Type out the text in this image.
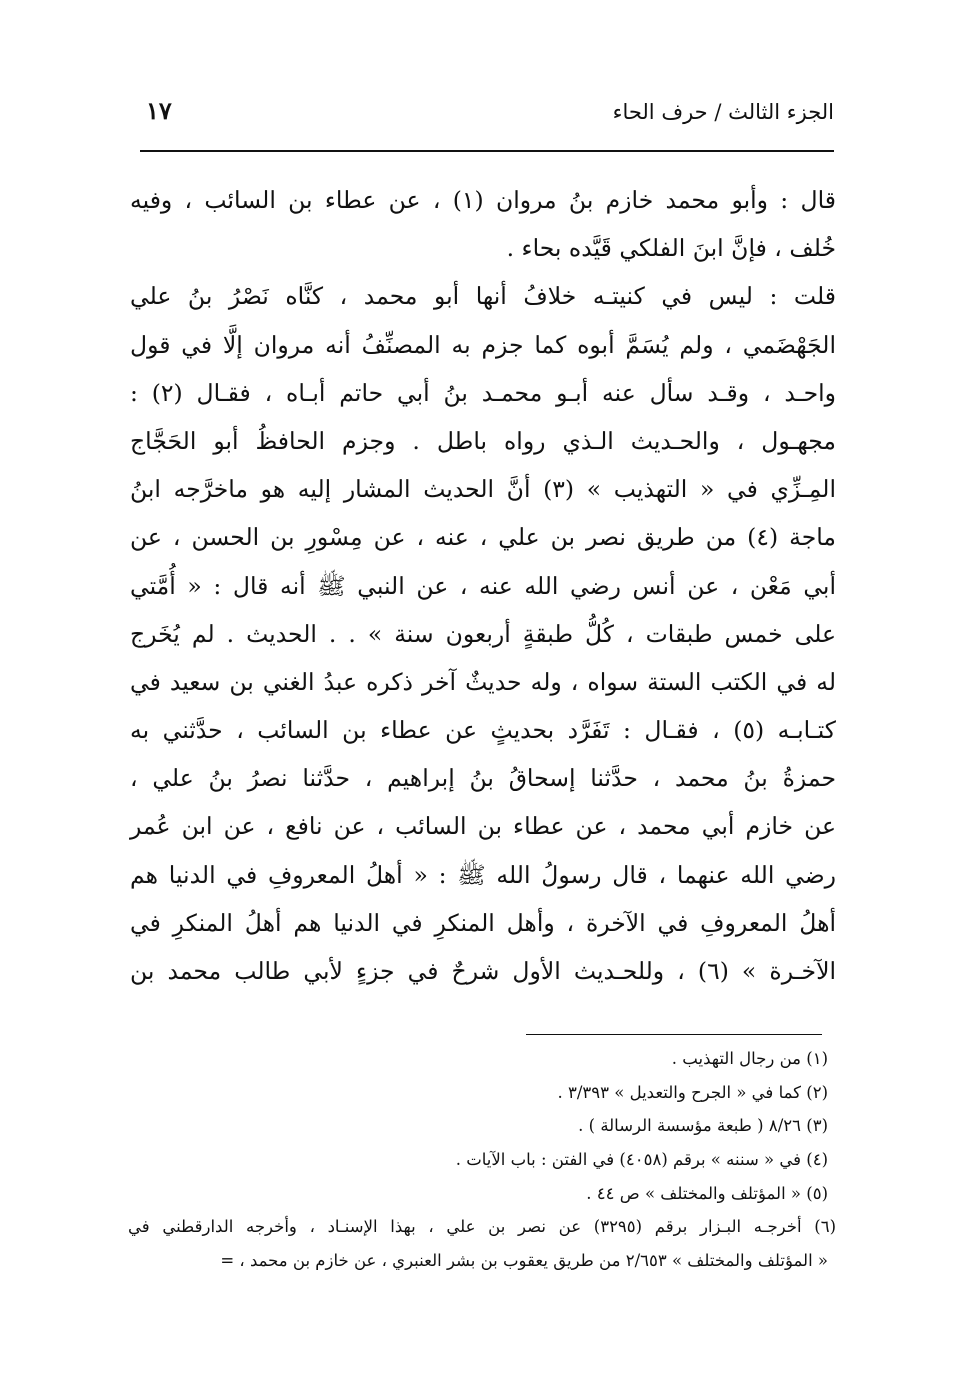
الجزء الثالث / حرف الحاء
١٧
قال : وأبو محمد خازم بنُ مروان (١) ، عن عطاء بن السائب ، وفيه
خُلف ، فإنَّ ابنَ الفلكي قَيَّده بحاء .
قلت : ليس في كنيتـه خلافُ أنها أبو محمد ، كنَّاه نَصْرُ بنُ علي
الجَهْضَمي ، ولم يُسَمَّ أبوه كما جزم به المصنِّفُ أنه مروان إلَّا في قول
واحـد ، وقـد سأل عنه أبـو محمـد بنُ أبي حاتم أبـاه ، فقـال (٢) :
مجهـول ، والحـديث الـذي رواه باطل . وجزم الحافظُ أبو الحَجَّاج
المِـزِّي في « التهذيب » (٣) أنَّ الحديث المشار إليه هو ماخرَّجه ابنُ
ماجة (٤) من طريق نصر بن علي ، عنه ، عن مِسْورِ بن الحسن ، عن
أبي مَعْن ، عن أنس رضي الله عنه ، عن النبي ﷺ أنه قال : « أُمَّتي
على خمس طبقات ، كُلُّ طبقةٍ أربعون سنة » . . الحديث . لم يُخَرج
له في الكتب الستة سواه ، وله حديثٌ آخر ذكره عبدُ الغني بن سعيد في
كتـابـه (٥) ، فقـال : تَفَرَّد بحديثٍ عن عطاء بن السائب ، حدَّثني به
حمزةُ بنُ محمد ، حدَّثنا إسحاقُ بنُ إبراهيم ، حدَّثنا نصرُ بنُ علي ،
عن خازم أبي محمد ، عن عطاء بن السائب ، عن نافع ، عن ابن عُمر
رضي الله عنهما ، قال رسولُ الله ﷺ : « أهلُ المعروفِ في الدنيا هم
أهلُ المعروفِ في الآخرة ، وأهل المنكرِ في الدنيا هم أهلُ المنكرِ في
الآخـرة » (٦) ، وللحـديث الأول شرحٌ في جزءٍ لأبي طالب محمد بن
(١) من رجال التهذيب .
(٢) كما في « الجرح والتعديل » ٣/٣٩٣ .
(٣) ٨/٢٦ ( طبعة مؤسسة الرسالة ) .
(٤) في « سننه » برقم (٤٠٥٨) في الفتن : باب الآيات .
(٥) « المؤتلف والمختلف » ص ٤٤ .
(٦) أخرجـه البـزار برقم (٣٢٩٥) عن نصر بن علي ، بهذا الإسنـاد ، وأخرجه الدارقطني في
« المؤتلف والمختلف » ٢/٦٥٣ من طريق يعقوب بن بشر العنبري ، عن خازم بن محمد ، =
